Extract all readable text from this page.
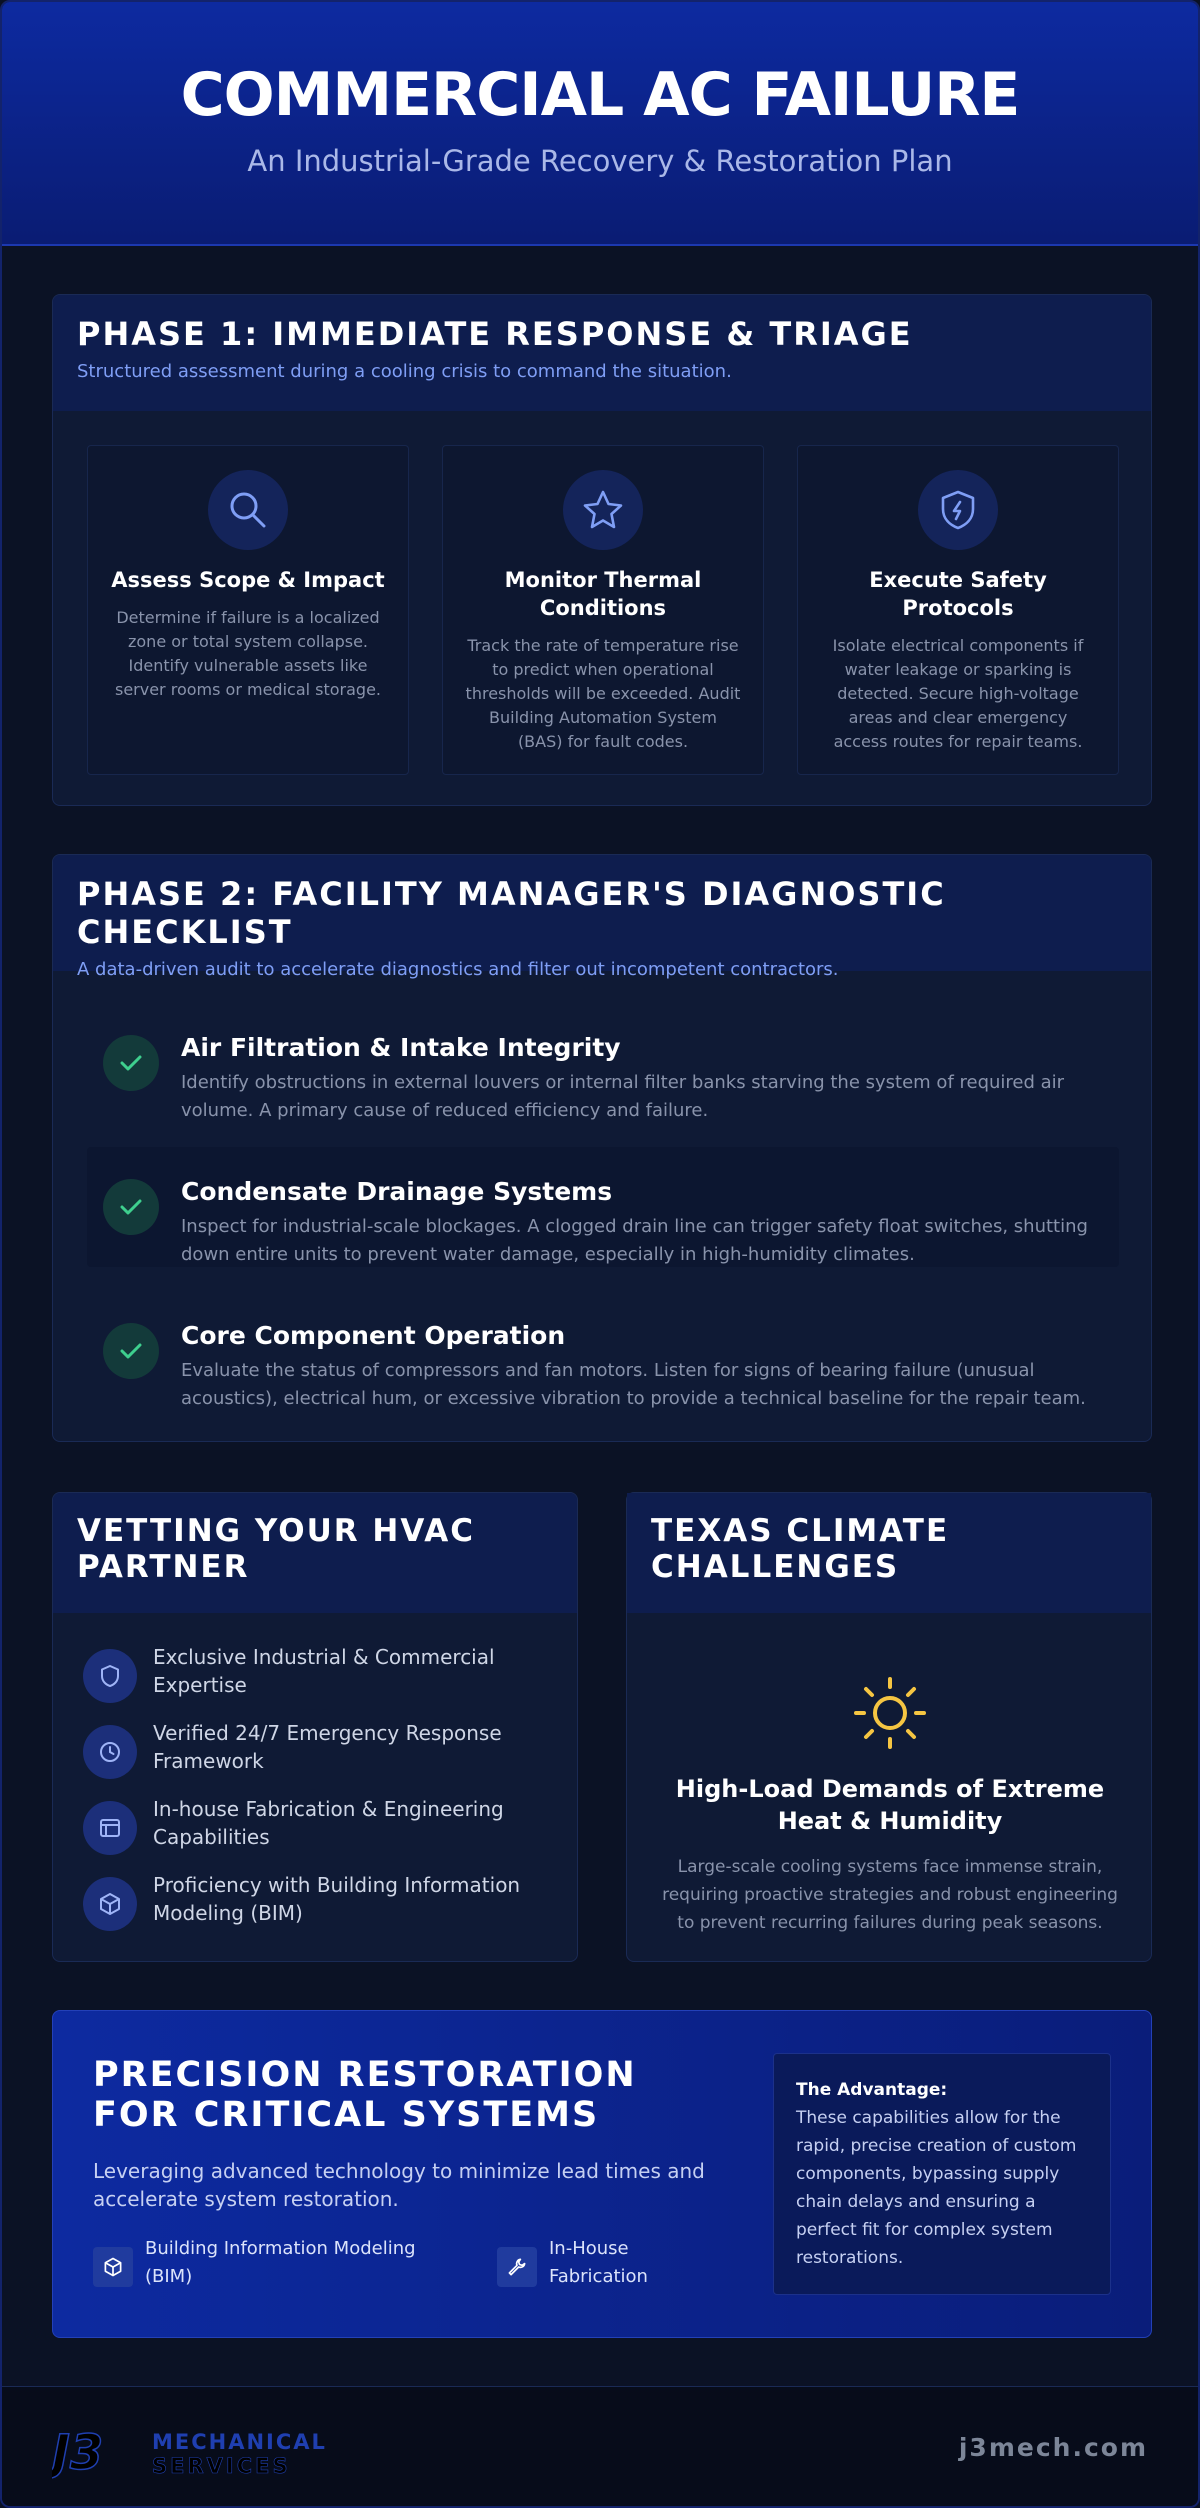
COMMERCIAL AC FAILURE
An Industrial-Grade Recovery & Restoration Plan
PHASE 1: IMMEDIATE RESPONSE & TRIAGE
Structured assessment during a cooling crisis to command the situation.
Assess Scope & Impact

Determine if failure is a localized zone or total system collapse. Identify vulnerable assets like server rooms or medical storage.

Monitor Thermal Conditions

Track the rate of temperature rise to predict when operational thresholds will be exceeded. Audit Building Automation System (BAS) for fault codes.

Execute Safety Protocols

Isolate electrical components if water leakage or sparking is detected. Secure high-voltage areas and clear emergency access routes for repair teams.

PHASE 2: FACILITY MANAGER'S DIAGNOSTIC CHECKLIST
A data-driven audit to accelerate diagnostics and filter out incompetent contractors.
Air Filtration & Intake Integrity

Identify obstructions in external louvers or internal filter banks starving the system of required air volume. A primary cause of reduced efficiency and failure.

Condensate Drainage Systems

Inspect for industrial-scale blockages. A clogged drain line can trigger safety float switches, shutting down entire units to prevent water damage, especially in high-humidity climates.

Core Component Operation

Evaluate the status of compressors and fan motors. Listen for signs of bearing failure (unusual acoustics), electrical hum, or excessive vibration to provide a technical baseline for the repair team.

VETTING YOUR HVAC PARTNER
Exclusive Industrial & Commercial Expertise
Verified 24/7 Emergency Response Framework
In-house Fabrication & Engineering Capabilities
Proficiency with Building Information Modeling (BIM)
TEXAS CLIMATE CHALLENGES
High-Load Demands of Extreme Heat & Humidity

Large-scale cooling systems face immense strain, requiring proactive strategies and robust engineering to prevent recurring failures during peak seasons.

PRECISION RESTORATION FOR CRITICAL SYSTEMS
Leveraging advanced technology to minimize lead times and accelerate system restoration.
Building Information Modeling (BIM)
In-House Fabrication
The Advantage:
These capabilities allow for the rapid, precise creation of custom components, bypassing supply chain delays and ensuring a perfect fit for complex system restorations.
J3 MECHANICAL
SERVICES
j3mech.com
